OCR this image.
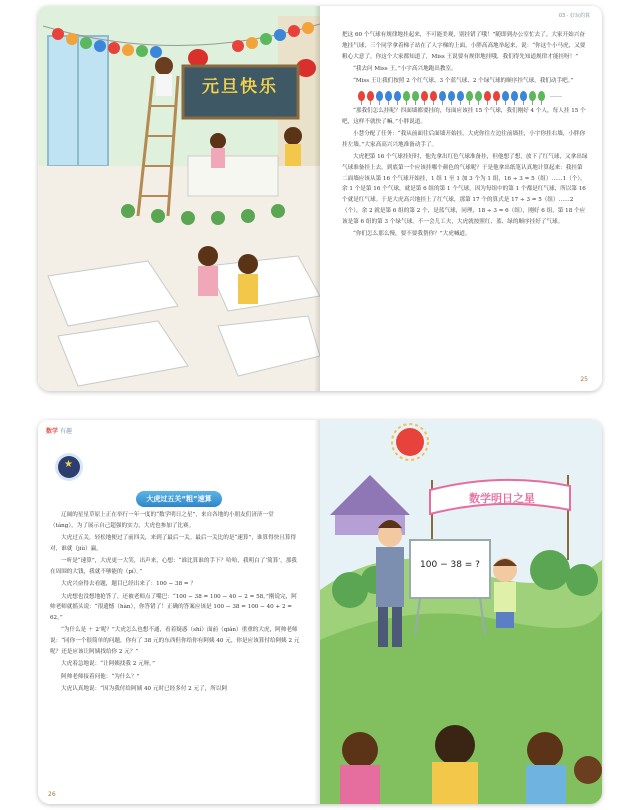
元旦快乐
03 · 好玩的算

把这 60 个气球有规律地挂起来，不可能美观，别挂错了哦！”随即到办公室忙去了。大家开始兴奋地挂气球，三个同学拿着梯子站在了人字梯的上面，小胖高高地举起来，说：“你这个小马虎，又要粗心大意了，你这个大家都知道了，Miss 王说要有规律地挂哦，我们得先知道规律才能挂呀！”

“我去问 Miss 王。”小宇高兴地跑出教室。

“Miss 王让我们按照 2 个红气球、3 个蓝气球、2 个绿气球的顺序挂气球，我们动手吧。”

……

“那我们怎么挂呢？四面墙都要挂的，每面应该挂 15 个气球，我们刚好 4 个人，每人挂 15 个吧，这样不就快了嘛。”小胖说道。

小慧分配了任务：“我从前面往后面墙开始挂，大虎你往左边往前墙挂，小宇你挂右墙，小胖你挂左墙。”大家高高兴兴地准备动手了。

大虎把第 16 个气球挂好时，他先拿出红色气球准备挂，但他想了想，放下了红气球，又拿出绿气球准备挂上去，到底第一个应该挂哪个颜色的气球呢？于是他拿出纸笔认真地计算起来：我挂第二面墙应该从第 16 个气球开始挂，1 组 1 至 1 加 3 个为 1 组，16 ÷ 3 = 5（组）……1（个），余 1 个是第 16 个气球，就是第 6 组的第 1 个气球，因为每组中的第 1 个都是红气球，所以第 16 个就是红气球。于是大虎高兴地挂上了红气球，那第 17 个的算式是 17 ÷ 3 = 5（组）……2（个），余 2 就是第 6 组的第 2 个，是蓝气球，同理，18 ÷ 3 = 6（组），刚好 6 组，第 18 个应该是第 6 组的第 3 个绿气球。不一会儿工夫，大虎就按照红、蓝、绿的顺序挂好了气球。

“你们怎么那么慢，要不要我帮你？”大虎喊道。

25
数学 有趣
★
大虎过五关“粗”速算

辽阔的星星草原上正在举行一年一度的“数学明日之星”，来自各地的小朋友们济济一堂（táng），为了展示自己超强的实力，大虎也参加了比赛。

大虎过五关，轻松地便过了前四关，来到了最后一关。最后一关比的是“速算”，谁算得快且算得对，谁就（jiù）赢。

一听是“速算”，大虎更一大笑，出声来，心想：“谁比算谁的手下？哈哈，我明白了‘简算’，那我在周围的大钱，我就不够能的（pí）。”

大虎兴奋得去看题，题目已经出来了：100 − 38 = ？

大虎想也没想地抢答了，还被老师点了嘴巴：“100 − 38 = 100 − 40 − 2 = 58。”刚说完，阿帅老师就摇头说：“很遗憾（hàn），你答错了！正确的答案应该是 100 − 38 = 100 − 40 + 2 = 62。”

“为什么是 ＋ 2’呢？”大虎怎么也想不通，看着疑惑（shí）面前（qiǎn）重重的大虎，阿帅老师说：“同你一个很简单的问题，你有了 38 元的东西但你给你有阿姨 40 元，你是应该算付给阿姨 2 元呢？还是应该让阿姨找给你 2 元？”

大虎着急地说：“让阿姨找我 2 元呀。”

阿帅老师接着问他：“为什么？”

大虎认真地说：“因为我付给阿姨 40 元时已经多付 2 元了，所以阿

26
数学明日之星
100 − 38 = ?
